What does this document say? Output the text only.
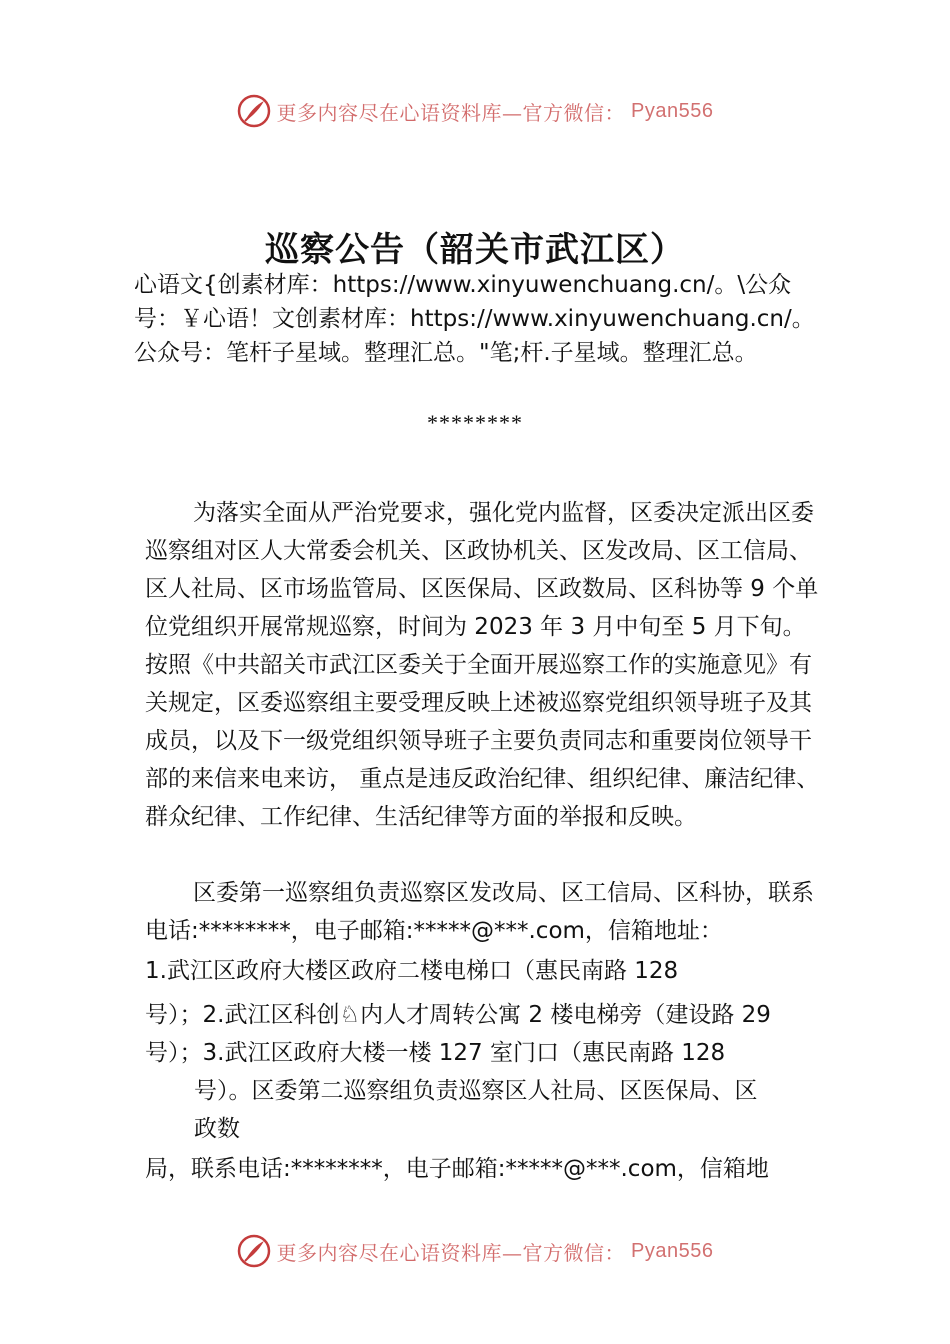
更多内容尽在心语资料库—官方微信： Pyan556
巡察公告（韶关市武江区）
心语文{创素材库：https://www.xinyuwenchuang.cn/。\公众号：￥心语！文创素材库：https://www.xinyuwenchuang.cn/。公众号：笔杆子星域。整理汇总。"笔;杆.子星域。整理汇总。
********
为落实全面从严治党要求，强化党内监督，区委决定派出区委巡察组对区人大常委会机关、区政协机关、区发改局、区工信局、区人社局、区市场监管局、区医保局、区政数局、区科协等 9 个单位党组织开展常规巡察，时间为 2023 年 3 月中旬至 5 月下旬。按照《中共韶关市武江区委关于全面开展巡察工作的实施意见》有关规定，区委巡察组主要受理反映上述被巡察党组织领导班子及其成员，以及下一级党组织领导班子主要负责同志和重要岗位领导干部的来信来电来访， 重点是违反政治纪律、组织纪律、廉洁纪律、群众纪律、工作纪律、生活纪律等方面的举报和反映。
区委第一巡察组负责巡察区发改局、区工信局、区科协，联系电话:********，电子邮箱:*****@***.com，信箱地址：
1.武江区政府大楼区政府二楼电梯口（惠民南路 128
号）；2.武江区科创♘内人才周转公寓 2 楼电梯旁（建设路 29
号）；3.武江区政府大楼一楼 127 室门口（惠民南路 128
号）。区委第二巡察组负责巡察区人社局、区医保局、区
政数
局，联系电话:********，电子邮箱:*****@***.com，信箱地
更多内容尽在心语资料库—官方微信： Pyan556
